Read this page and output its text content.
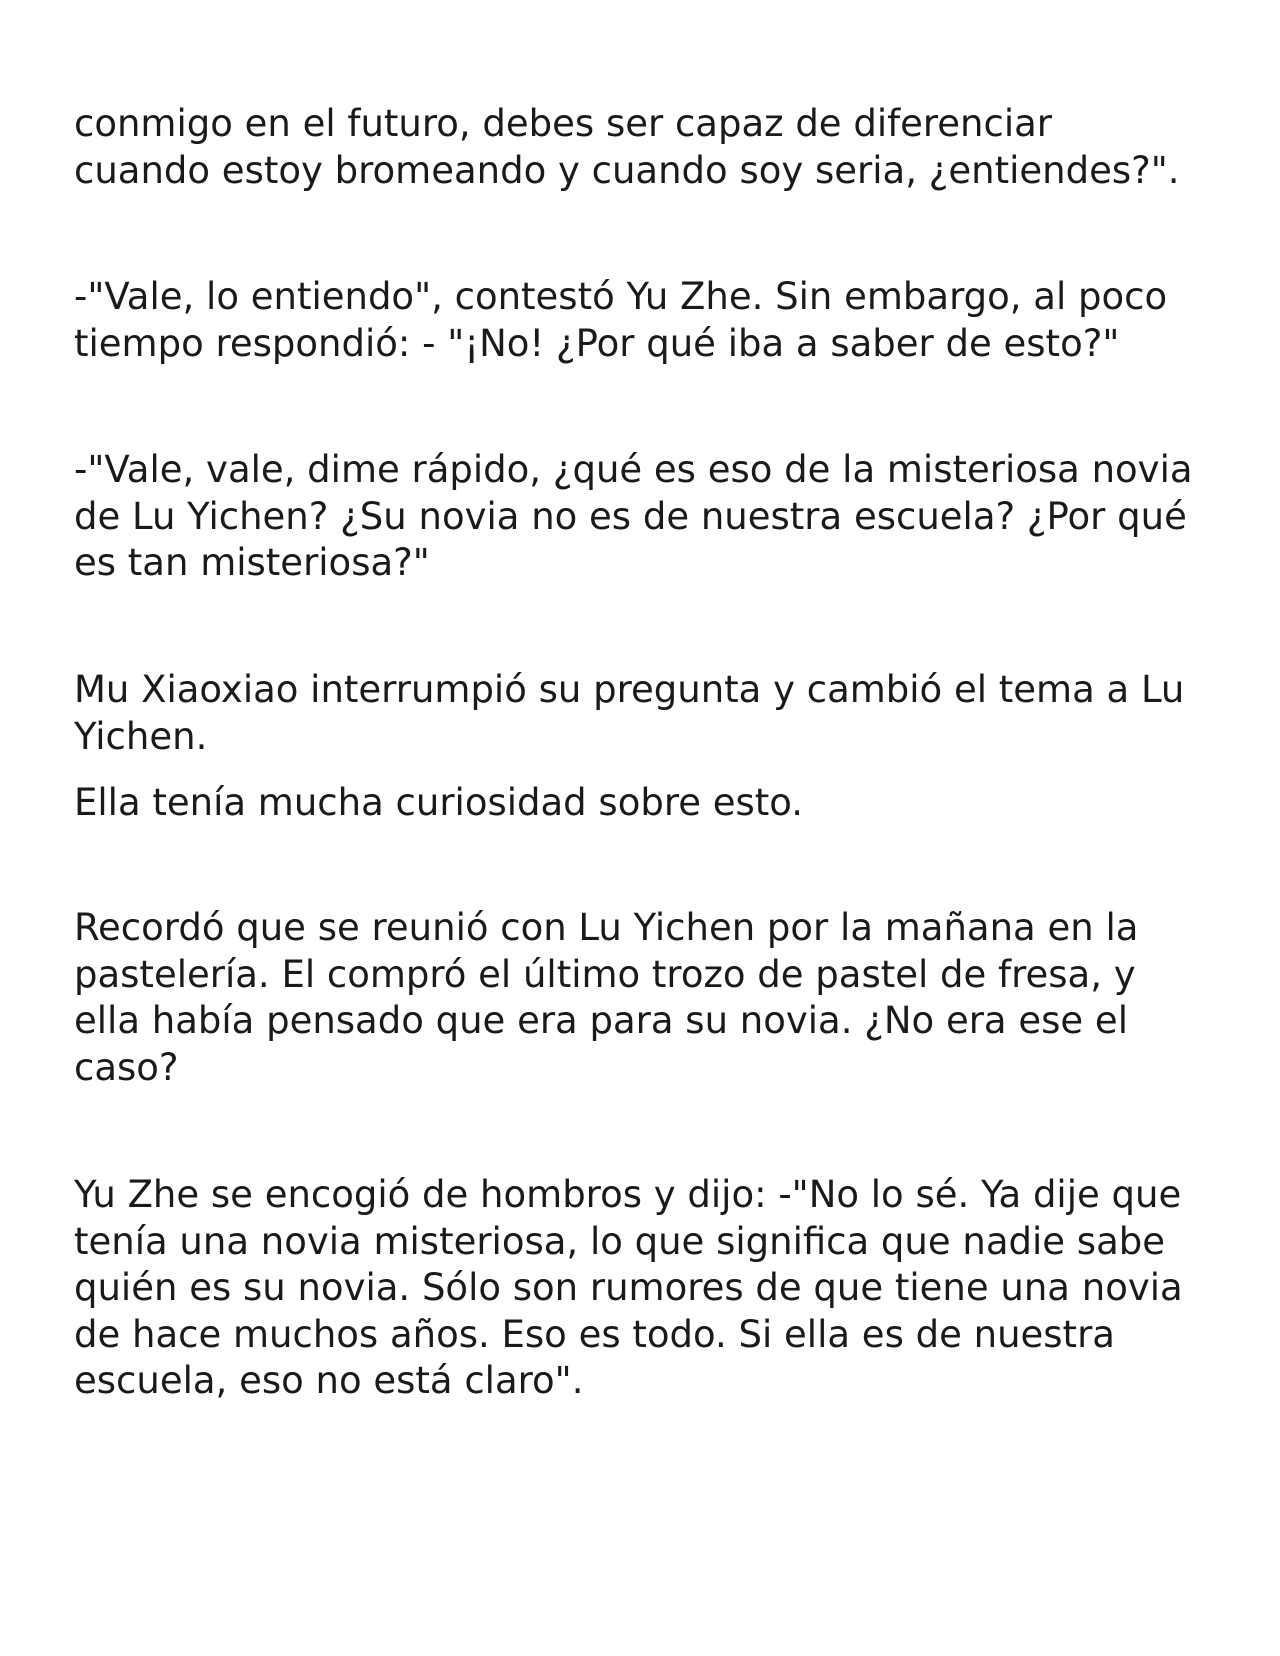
conmigo en el futuro, debes ser capaz de diferenciar
cuando estoy bromeando y cuando soy seria, ¿entiendes?".

-"Vale, lo entiendo", contestó Yu Zhe. Sin embargo, al poco
tiempo respondió: - "¡No! ¿Por qué iba a saber de esto?"

-"Vale, vale, dime rápido, ¿qué es eso de la misteriosa novia
de Lu Yichen? ¿Su novia no es de nuestra escuela? ¿Por qué
es tan misteriosa?"

Mu Xiaoxiao interrumpió su pregunta y cambió el tema a Lu
Yichen.

Ella tenía mucha curiosidad sobre esto.

Recordó que se reunió con Lu Yichen por la mañana en la
pastelería. El compró el último trozo de pastel de fresa, y
ella había pensado que era para su novia. ¿No era ese el
caso?

Yu Zhe se encogió de hombros y dijo: -"No lo sé. Ya dije que
tenía una novia misteriosa, lo que significa que nadie sabe
quién es su novia. Sólo son rumores de que tiene una novia
de hace muchos años. Eso es todo. Si ella es de nuestra
escuela, eso no está claro".
